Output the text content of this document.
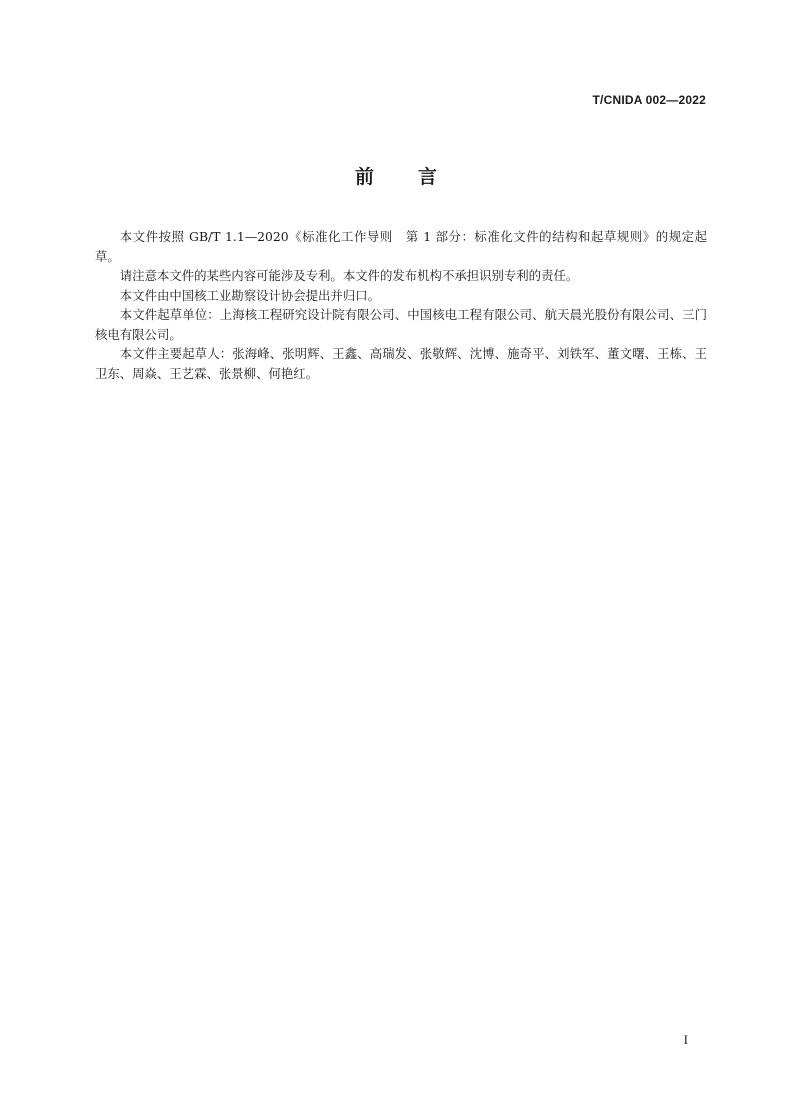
T/CNIDA 002—2022
前言

本文件按照 GB/T 1.1—2020《标准化工作导则　第 1 部分：标准化文件的结构和起草规则》的规定起草。

请注意本文件的某些内容可能涉及专利。本文件的发布机构不承担识别专利的责任。

本文件由中国核工业勘察设计协会提出并归口。

本文件起草单位：上海核工程研究设计院有限公司、中国核电工程有限公司、航天晨光股份有限公司、三门核电有限公司。

本文件主要起草人：张海峰、张明辉、王鑫、高瑞发、张敬辉、沈博、施奇平、刘铁军、董文曙、王栋、王卫东、周焱、王艺霖、张景柳、何艳红。

I
